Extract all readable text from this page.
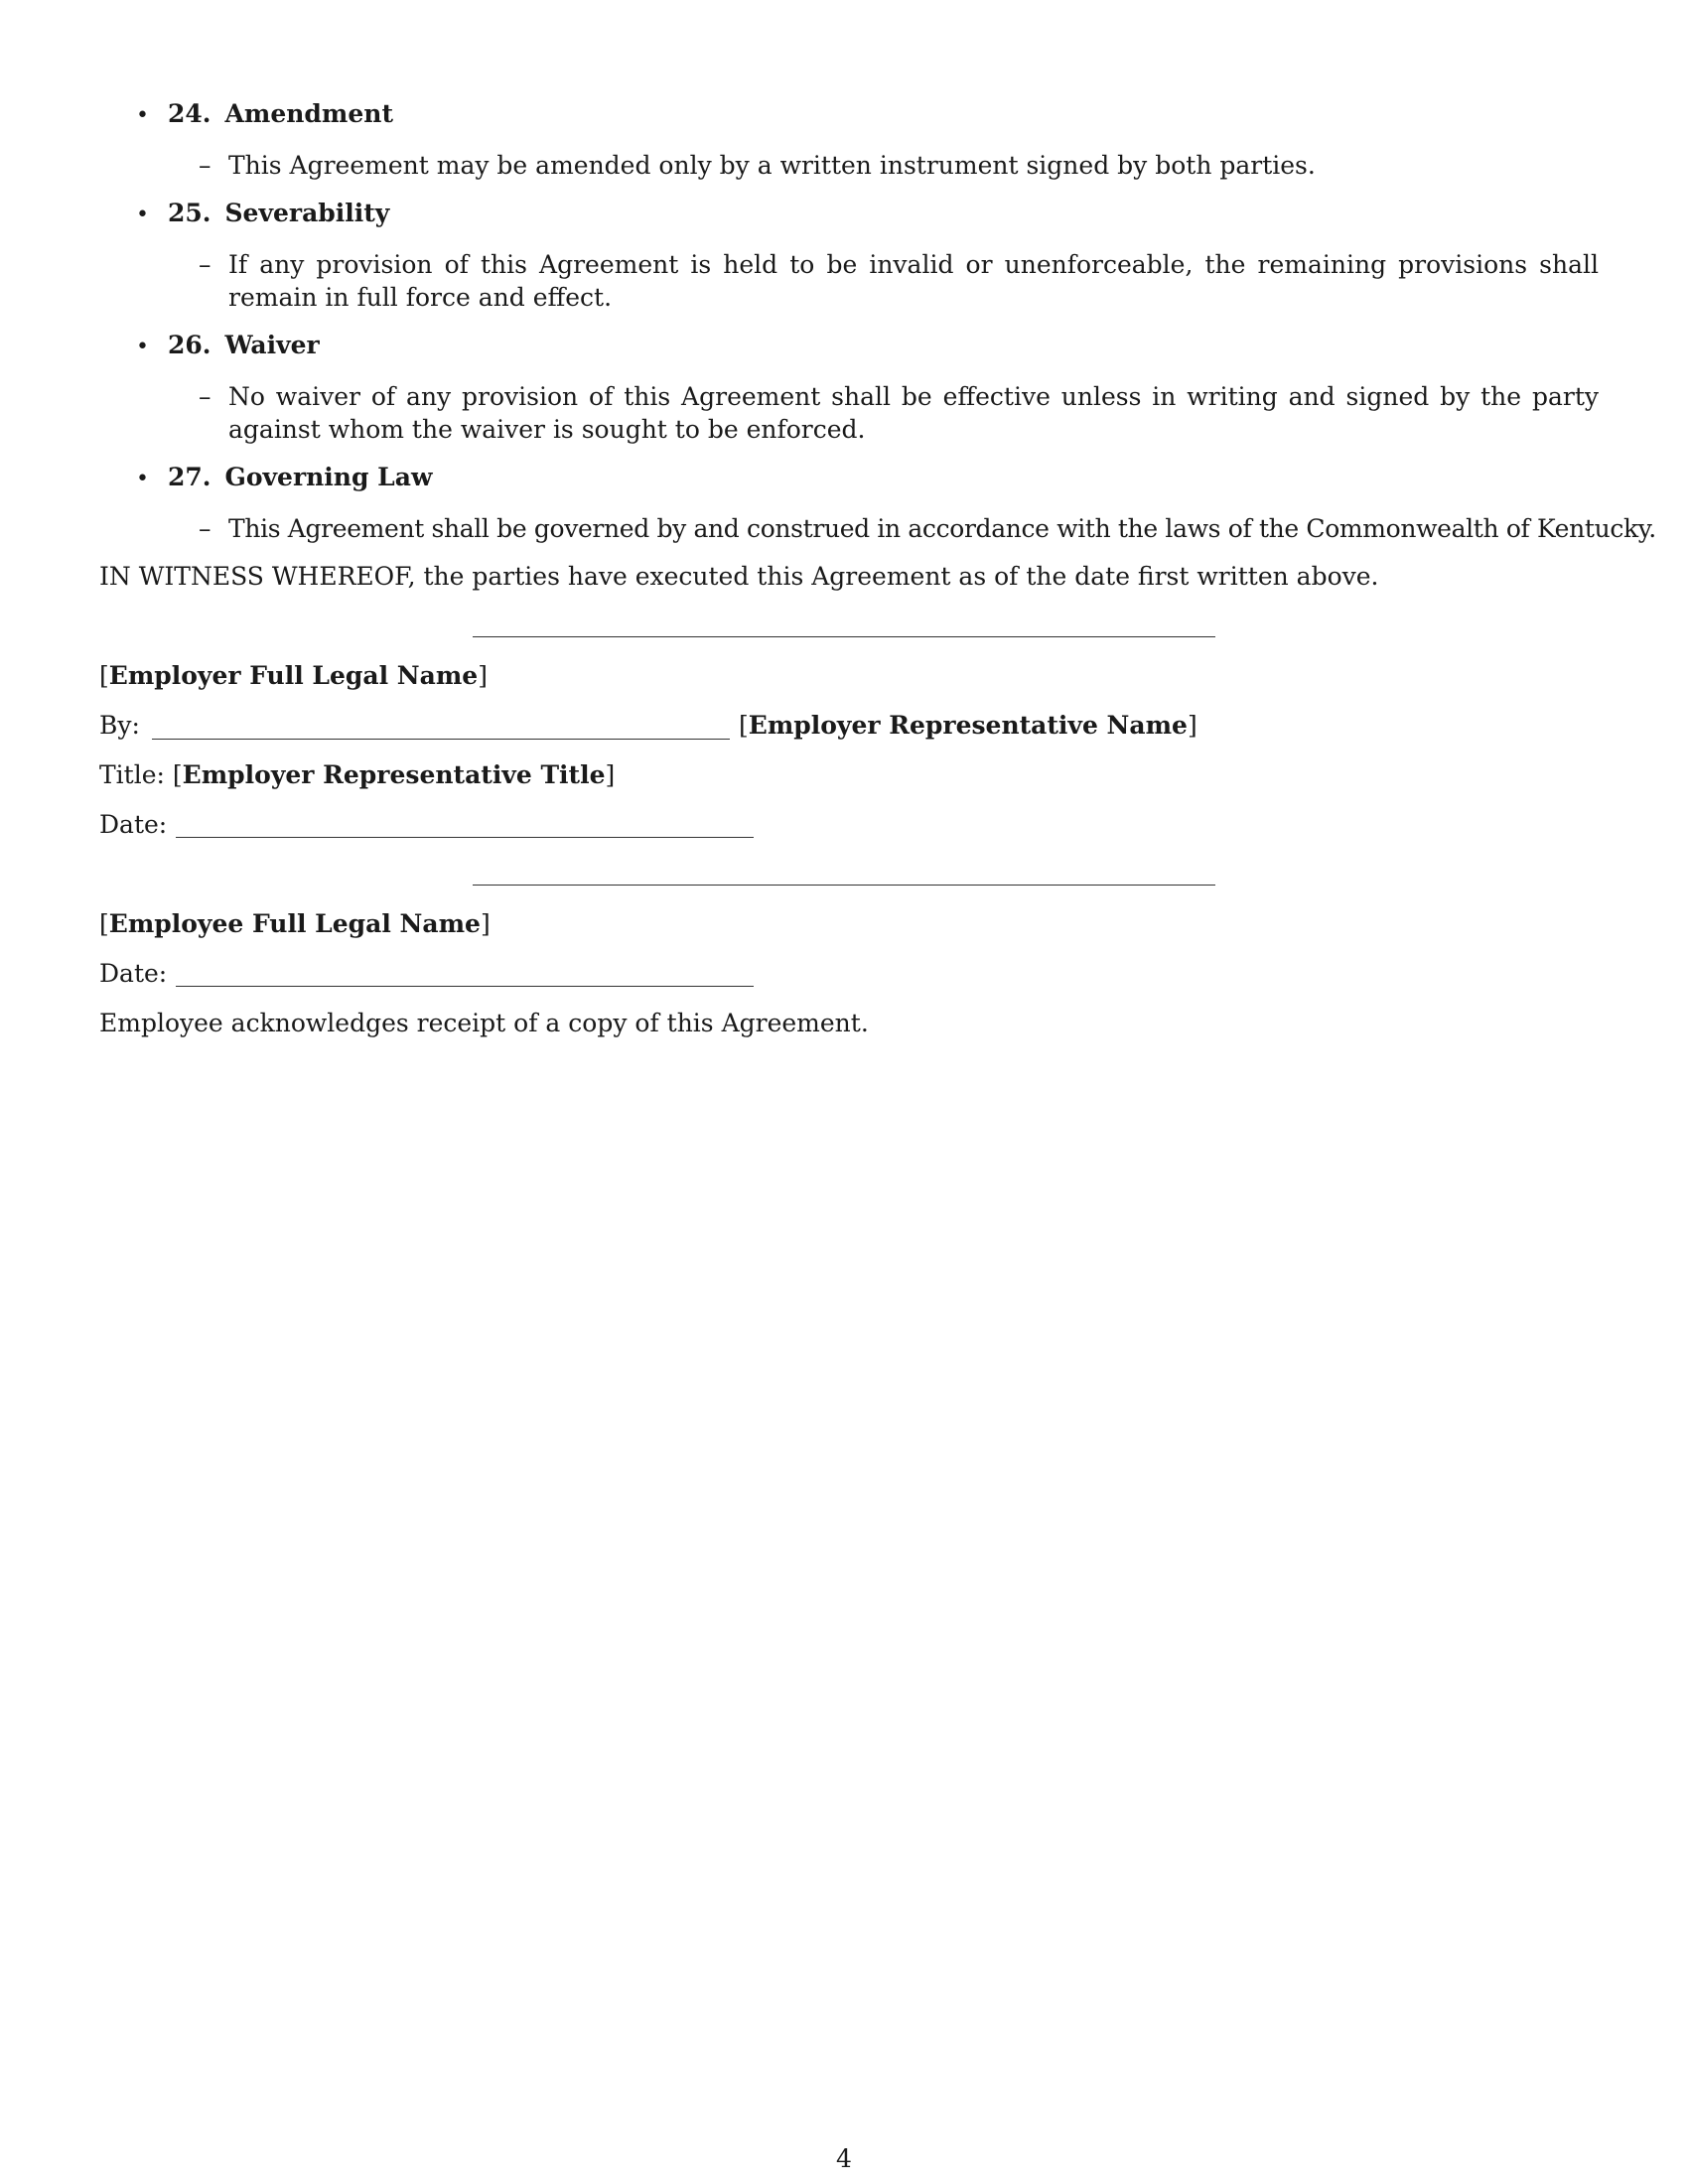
• 24. Amendment
– This Agreement may be amended only by a written instrument signed by both parties.
• 25. Severability
– If any provision of this Agreement is held to be invalid or unenforceable, the remaining provisions shall remain in full force and effect.
• 26. Waiver
– No waiver of any provision of this Agreement shall be effective unless in writing and signed by the party against whom the waiver is sought to be enforced.
• 27. Governing Law
– This Agreement shall be governed by and construed in accordance with the laws of the Commonwealth of Kentucky.
IN WITNESS WHEREOF, the parties have executed this Agreement as of the date first written above.
[Employer Full Legal Name]
By:	[Employer Representative Name]
Title: [Employer Representative Title]
Date:
[Employee Full Legal Name]
Date:
Employee acknowledges receipt of a copy of this Agreement.
4
